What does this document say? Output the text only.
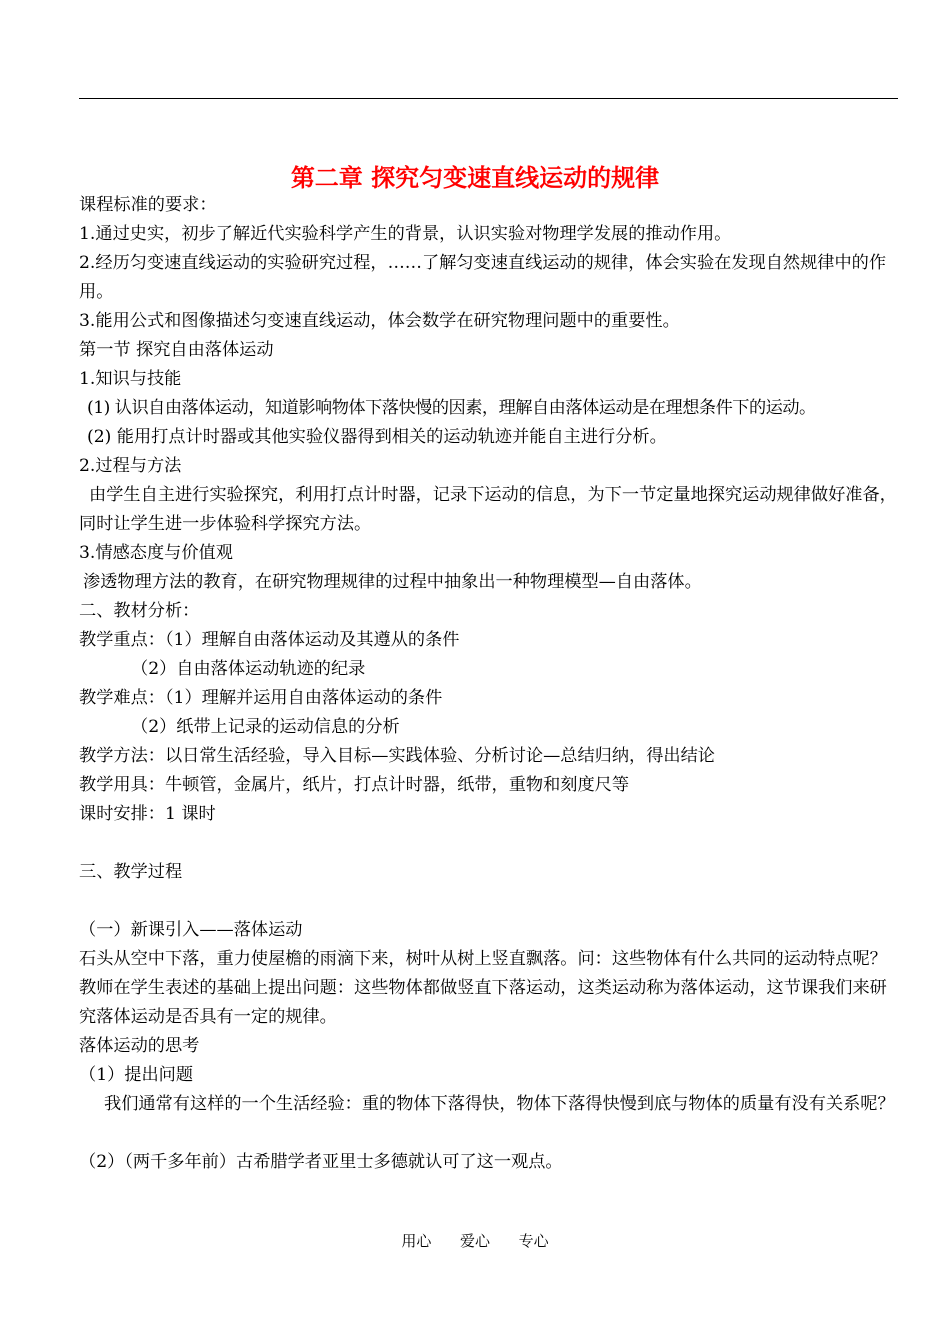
第二章 探究匀变速直线运动的规律

课程标准的要求：

1.通过史实，初步了解近代实验科学产生的背景，认识实验对物理学发展的推动作用。

2.经历匀变速直线运动的实验研究过程，……了解匀变速直线运动的规律，体会实验在发现自然规律中的作用。

3.能用公式和图像描述匀变速直线运动，体会数学在研究物理问题中的重要性。

第一节 探究自由落体运动

1.知识与技能

(1) 认识自由落体运动，知道影响物体下落快慢的因素，理解自由落体运动是在理想条件下的运动。

(2) 能用打点计时器或其他实验仪器得到相关的运动轨迹并能自主进行分析。

2.过程与方法

由学生自主进行实验探究，利用打点计时器，记录下运动的信息，为下一节定量地探究运动规律做好准备，同时让学生进一步体验科学探究方法。

3.情感态度与价值观

渗透物理方法的教育，在研究物理规律的过程中抽象出一种物理模型—自由落体。

二、教材分析：

教学重点：（1）理解自由落体运动及其遵从的条件

（2）自由落体运动轨迹的纪录

教学难点：（1）理解并运用自由落体运动的条件

（2）纸带上记录的运动信息的分析

教学方法：以日常生活经验，导入目标—实践体验、分析讨论—总结归纳，得出结论

教学用具：牛顿管，金属片，纸片，打点计时器，纸带，重物和刻度尺等

课时安排：1 课时

三、教学过程

（一）新课引入——落体运动

石头从空中下落，重力使屋檐的雨滴下来，树叶从树上竖直飘落。问：这些物体有什么共同的运动特点呢？

教师在学生表述的基础上提出问题：这些物体都做竖直下落运动，这类运动称为落体运动，这节课我们来研究落体运动是否具有一定的规律。

落体运动的思考

（1）提出问题

我们通常有这样的一个生活经验：重的物体下落得快，物体下落得快慢到底与物体的质量有没有关系呢？

（2）（两千多年前）古希腊学者亚里士多德就认可了这一观点。

用心      爱心      专心
